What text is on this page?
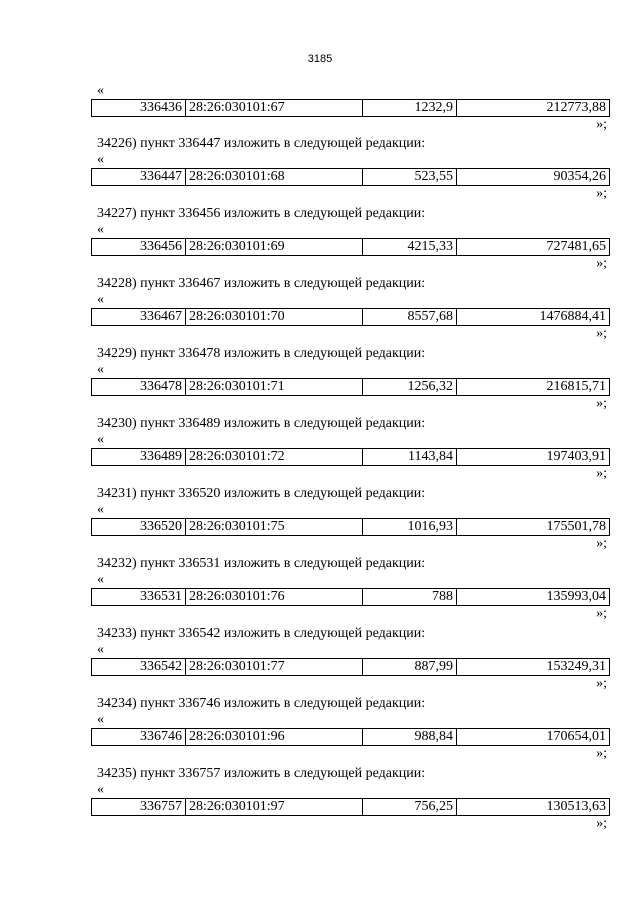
3185
«
336436	28:26:030101:67	1232,9	212773,88
»;
34226) пункт 336447 изложить в следующей редакции:
«
336447	28:26:030101:68	523,55	90354,26
»;
34227) пункт 336456 изложить в следующей редакции:
«
336456	28:26:030101:69	4215,33	727481,65
»;
34228) пункт 336467 изложить в следующей редакции:
«
336467	28:26:030101:70	8557,68	1476884,41
»;
34229) пункт 336478 изложить в следующей редакции:
«
336478	28:26:030101:71	1256,32	216815,71
»;
34230) пункт 336489 изложить в следующей редакции:
«
336489	28:26:030101:72	1143,84	197403,91
»;
34231) пункт 336520 изложить в следующей редакции:
«
336520	28:26:030101:75	1016,93	175501,78
»;
34232) пункт 336531 изложить в следующей редакции:
«
336531	28:26:030101:76	788	135993,04
»;
34233) пункт 336542 изложить в следующей редакции:
«
336542	28:26:030101:77	887,99	153249,31
»;
34234) пункт 336746 изложить в следующей редакции:
«
336746	28:26:030101:96	988,84	170654,01
»;
34235) пункт 336757 изложить в следующей редакции:
«
336757	28:26:030101:97	756,25	130513,63
»;
